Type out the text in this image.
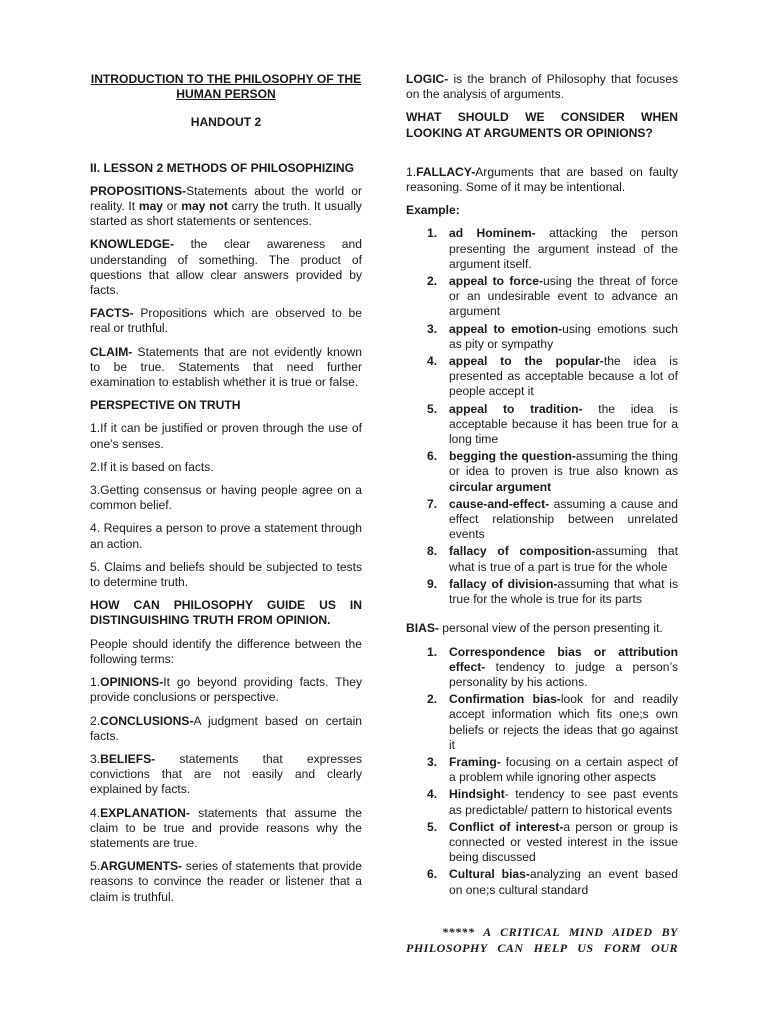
INTRODUCTION TO THE PHILOSOPHY OF THE HUMAN PERSON
HANDOUT 2
II. LESSON 2 METHODS OF PHILOSOPHIZING

PROPOSITIONS-Statements about the world or reality. It may or may not carry the truth. It usually started as short statements or sentences.

KNOWLEDGE- the clear awareness and understanding of something. The product of questions that allow clear answers provided by facts.

FACTS- Propositions which are observed to be real or truthful.

CLAIM- Statements that are not evidently known to be true. Statements that need further examination to establish whether it is true or false.

PERSPECTIVE ON TRUTH

1.If it can be justified or proven through the use of one’s senses.

2.If it is based on facts.

3.Getting consensus or having people agree on a common belief.

4. Requires a person to prove a statement through an action.

5. Claims and beliefs should be subjected to tests to determine truth.

HOW CAN PHILOSOPHY GUIDE US IN DISTINGUISHING TRUTH FROM OPINION.

People should identify the difference between the following terms:

1.OPINIONS-It go beyond providing facts. They provide conclusions or perspective.

2.CONCLUSIONS-A judgment based on certain facts.

3.BELIEFS- statements that expresses convictions that are not easily and clearly explained by facts.

4.EXPLANATION- statements that assume the claim to be true and provide reasons why the statements are true.

5.ARGUMENTS- series of statements that provide reasons to convince the reader or listener that a claim is truthful.

LOGIC- is the branch of Philosophy that focuses on the analysis of arguments.

WHAT SHOULD WE CONSIDER WHEN LOOKING AT ARGUMENTS OR OPINIONS?

1.FALLACY-Arguments that are based on faulty reasoning. Some of it may be intentional.

Example:
1. ad Hominem- attacking the person presenting the argument instead of the argument itself.
2. appeal to force-using the threat of force or an undesirable event to advance an argument
3. appeal to emotion-using emotions such as pity or sympathy
4. appeal to the popular-the idea is presented as acceptable because a lot of people accept it
5. appeal to tradition- the idea is acceptable because it has been true for a long time
6. begging the question-assuming the thing or idea to proven is true also known as circular argument
7. cause-and-effect- assuming a cause and effect relationship between unrelated events
8. fallacy of composition-assuming that what is true of a part is true for the whole
9. fallacy of division-assuming that what is true for the whole is true for its parts

BIAS- personal view of the person presenting it.

1. Correspondence bias or attribution effect- tendency to judge a person’s personality by his actions.
2. Confirmation bias-look for and readily accept information which fits one;s own beliefs or rejects the ideas that go against it
3. Framing- focusing on a certain aspect of a problem while ignoring other aspects
4. Hindsight- tendency to see past events as predictable/ pattern to historical events
5. Conflict of interest-a person or group is connected or vested interest in the issue being discussed
6. Cultural bias-analyzing an event based on one;s cultural standard
***** A CRITICAL MIND AIDED BY
PHILOSOPHY CAN HELP US FORM OUR
